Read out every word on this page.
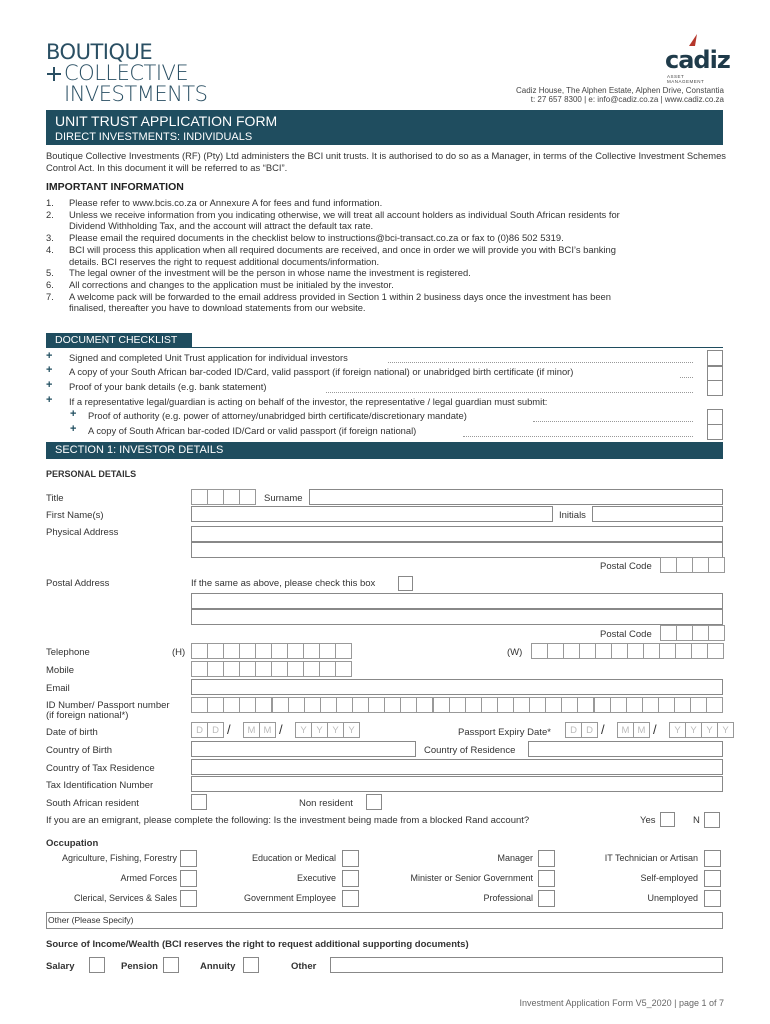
BOUTIQUE
COLLECTIVE
INVESTMENTS
cadiz
ASSET MANAGEMENT
Cadiz House, The Alphen Estate, Alphen Drive, Constantia
t: 27 657 8300 | e: info@cadiz.co.za | www.cadiz.co.za
UNIT TRUST APPLICATION FORM
DIRECT INVESTMENTS: INDIVIDUALS
Boutique Collective Investments (RF) (Pty) Ltd administers the BCI unit trusts. It is authorised to do so as a Manager, in terms of the Collective Investment Schemes Control Act. In this document it will be referred to as “BCI”.
IMPORTANT INFORMATION
1. Please refer to www.bcis.co.za or Annexure A for fees and fund information.
2. Unless we receive information from you indicating otherwise, we will treat all account holders as individual South African residents for
Dividend Withholding Tax, and the account will attract the default tax rate.
3. Please email the required documents in the checklist below to instructions@bci-transact.co.za or fax to (0)86 502 5319.
4. BCI will process this application when all required documents are received, and once in order we will provide you with BCI’s banking
details. BCI reserves the right to request additional documents/information.
5. The legal owner of the investment will be the person in whose name the investment is registered.
6. All corrections and changes to the application must be initialed by the investor.
7. A welcome pack will be forwarded to the email address provided in Section 1 within 2 business days once the investment has been
finalised, thereafter you have to download statements from our website.
DOCUMENT CHECKLIST
+ Signed and completed Unit Trust application for individual investors
+ A copy of your South African bar-coded ID/Card, valid passport (if foreign national) or unabridged birth certificate (if minor)
+ Proof of your bank details (e.g. bank statement)
+ If a representative legal/guardian is acting on behalf of the investor, the representative / legal guardian must submit:
+ Proof of authority (e.g. power of attorney/unabridged birth certificate/discretionary mandate)
+ A copy of South African bar-coded ID/Card or valid passport (if foreign national)
SECTION 1: INVESTOR DETAILS
PERSONAL DETAILS
Title	Surname
First Name(s)	Initials
Physical Address
Postal Code
Postal Address	If the same as above, please check this box
Postal Code
Telephone	(H)	(W)
Mobile
Email
ID Number/ Passport number
(if foreign national*)
Date of birth	D D /	M M /	Y	Y	Y	Y	Passport Expiry Date*	D D /	M M /	Y	Y	Y	Y
Country of Birth	Country of Residence
Country of Tax Residence
Tax Identification Number
South African resident	Non resident
If you are an emigrant, please complete the following: Is the investment being made from a blocked Rand account?	Yes	N
Occupation
Agriculture, Fishing, Forestry	Education or Medical	Manager	IT Technician or Artisan
Armed Forces	Executive	Minister or Senior Government	Self-employed
Clerical, Services & Sales	Government Employee	Professional	Unemployed
Other (Please Specify)
Source of Income/Wealth (BCI reserves the right to request additional supporting documents)
Salary	Pension	Annuity	Other
Investment Application Form V5_2020 | page 1 of 7
